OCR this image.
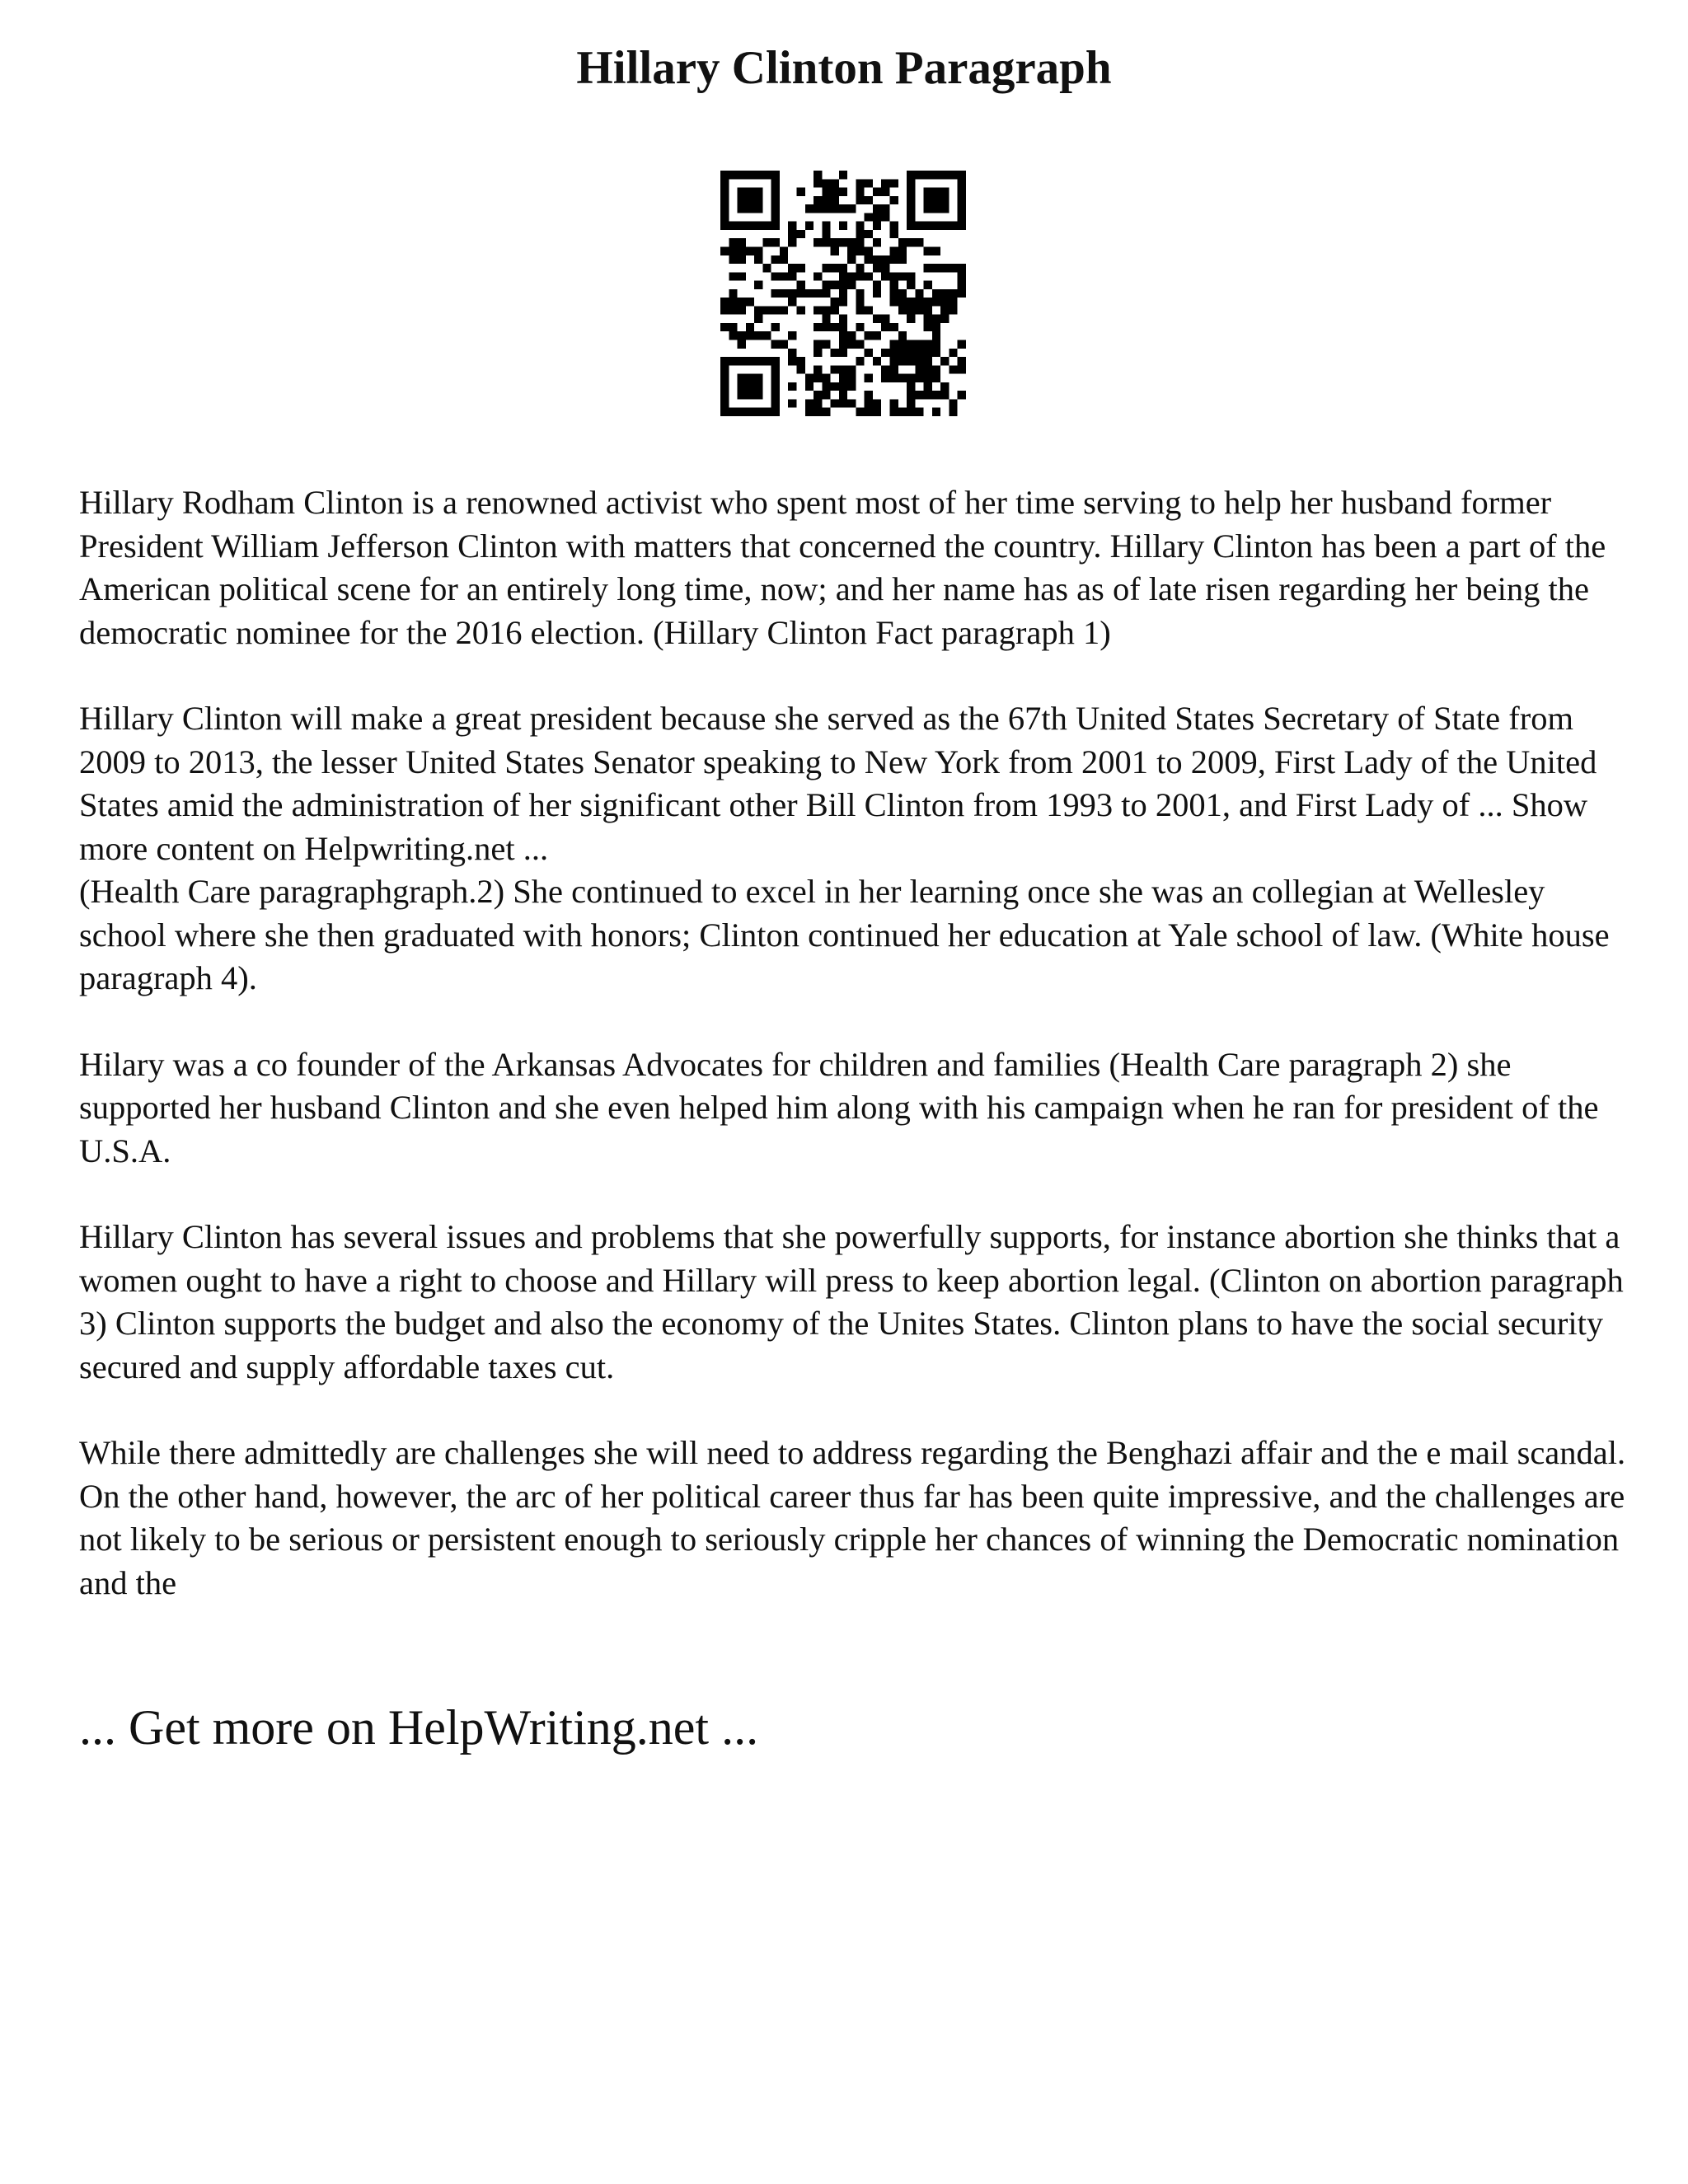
Hillary Clinton Paragraph

Hillary Rodham Clinton is a renowned activist who spent most of her time serving to help her husband former President William Jefferson Clinton with matters that concerned the country. Hillary Clinton has been a part of the American political scene for an entirely long time, now; and her name has as of late risen regarding her being the democratic nominee for the 2016 election. (Hillary Clinton Fact paragraph 1)

Hillary Clinton will make a great president because she served as the 67th United States Secretary of State from 2009 to 2013, the lesser United States Senator speaking to New York from 2001 to 2009, First Lady of the United States amid the administration of her significant other Bill Clinton from 1993 to 2001, and First Lady of ... Show more content on Helpwriting.net ...

(Health Care paragraphgraph.2) She continued to excel in her learning once she was an collegian at Wellesley school where she then graduated with honors; Clinton continued her education at Yale school of law. (White house paragraph 4).

Hilary was a co founder of the Arkansas Advocates for children and families (Health Care paragraph 2) she supported her husband Clinton and she even helped him along with his campaign when he ran for president of the U.S.A.

Hillary Clinton has several issues and problems that she powerfully supports, for instance abortion she thinks that a women ought to have a right to choose and Hillary will press to keep abortion legal. (Clinton on abortion paragraph 3) Clinton supports the budget and also the economy of the Unites States. Clinton plans to have the social security secured and supply affordable taxes cut.

While there admittedly are challenges she will need to address regarding the Benghazi affair and the e mail scandal. On the other hand, however, the arc of her political career thus far has been quite impressive, and the challenges are not likely to be serious or persistent enough to seriously cripple her chances of winning the Democratic nomination and the

... Get more on HelpWriting.net ...
